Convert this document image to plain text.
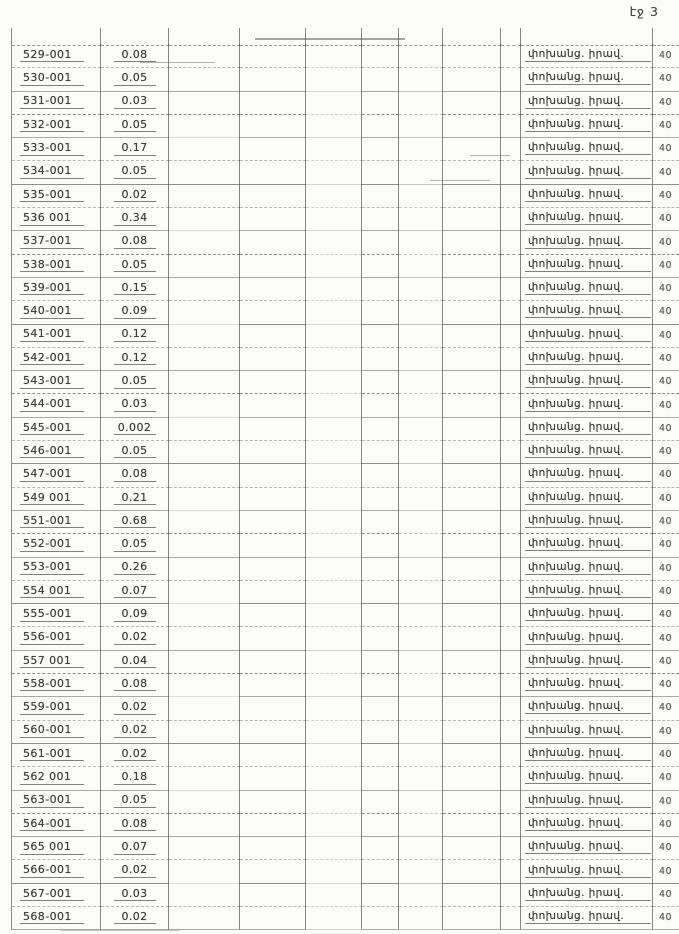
էջ 3
529-001	0.08	փոխանց. իրավ.	40
530-001	0.05	փոխանց. իրավ.	40
531-001	0.03	փոխանց. իրավ.	40
532-001	0.05	փոխանց. իրավ.	40
533-001	0.17	փոխանց. իրավ.	40
534-001	0.05	փոխանց. իրավ.	40
535-001	0.02	փոխանց. իրավ.	40
536 001	0.34	փոխանց. իրավ.	40
537-001	0.08	փոխանց. իրավ.	40
538-001	0.05	փոխանց. իրավ.	40
539-001	0.15	փոխանց. իրավ.	40
540-001	0.09	փոխանց. իրավ.	40
541-001	0.12	փոխանց. իրավ.	40
542-001	0.12	փոխանց. իրավ.	40
543-001	0.05	փոխանց. իրավ.	40
544-001	0.03	փոխանց. իրավ.	40
545-001	0.002	փոխանց. իրավ.	40
546-001	0.05	փոխանց. իրավ.	40
547-001	0.08	փոխանց. իրավ.	40
549 001	0.21	փոխանց. իրավ.	40
551-001	0.68	փոխանց. իրավ.	40
552-001	0.05	փոխանց. իրավ.	40
553-001	0.26	փոխանց. իրավ.	40
554 001	0.07	փոխանց. իրավ.	40
555-001	0.09	փոխանց. իրավ.	40
556-001	0.02	փոխանց. իրավ.	40
557 001	0.04	փոխանց. իրավ.	40
558-001	0.08	փոխանց. իրավ.	40
559-001	0.02	փոխանց. իրավ.	40
560-001	0.02	փոխանց. իրավ.	40
561-001	0.02	փոխանց. իրավ.	40
562 001	0.18	փոխանց. իրավ.	40
563-001	0.05	փոխանց. իրավ.	40
564-001	0.08	փոխանց. իրավ.	40
565 001	0.07	փոխանց. իրավ.	40
566-001	0.02	փոխանց. իրավ.	40
567-001	0.03	փոխանց. իրավ.	40
568-001	0.02	փոխանց. իրավ.	40
